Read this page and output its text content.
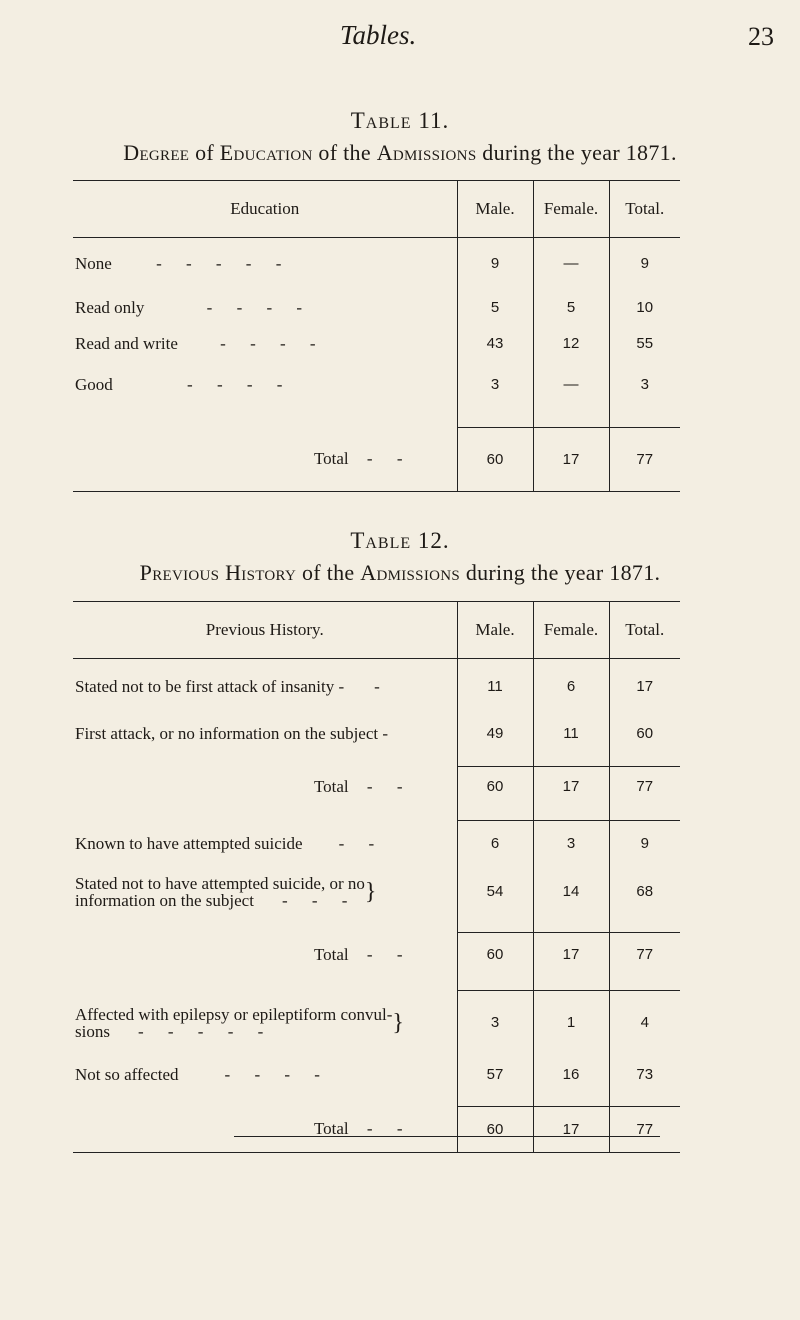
Tables.	23
Table 11.
Degree of Education of the Admissions during the year 1871.
Education	Male.	Female.	Total.
None - - - - -	9	—	9
Read only - - - -	5	5	10
Read and write - - - -	43	12	55
Good - - - -	3	—	3

Total - -	60	17	77
Table 12.
Previous History of the Admissions during the year 1871.
Previous History.	Male.	Female.	Total.
Stated not to be first attack of insanity - -	11	6	17
First attack, or no information on the subject -	49	11	60

Total - -	60	17	77

Known to have attempted suicide - -	6	3	9

Stated not to have attempted suicide, or no
information on the subject - - - }	54	14	68

Total - -	60	17	77

Affected with epilepsy or epileptiform convul-
sions - - - - - }	3	1	4
Not so affected - - - -	57	16	73

Total - -	60	17	77
